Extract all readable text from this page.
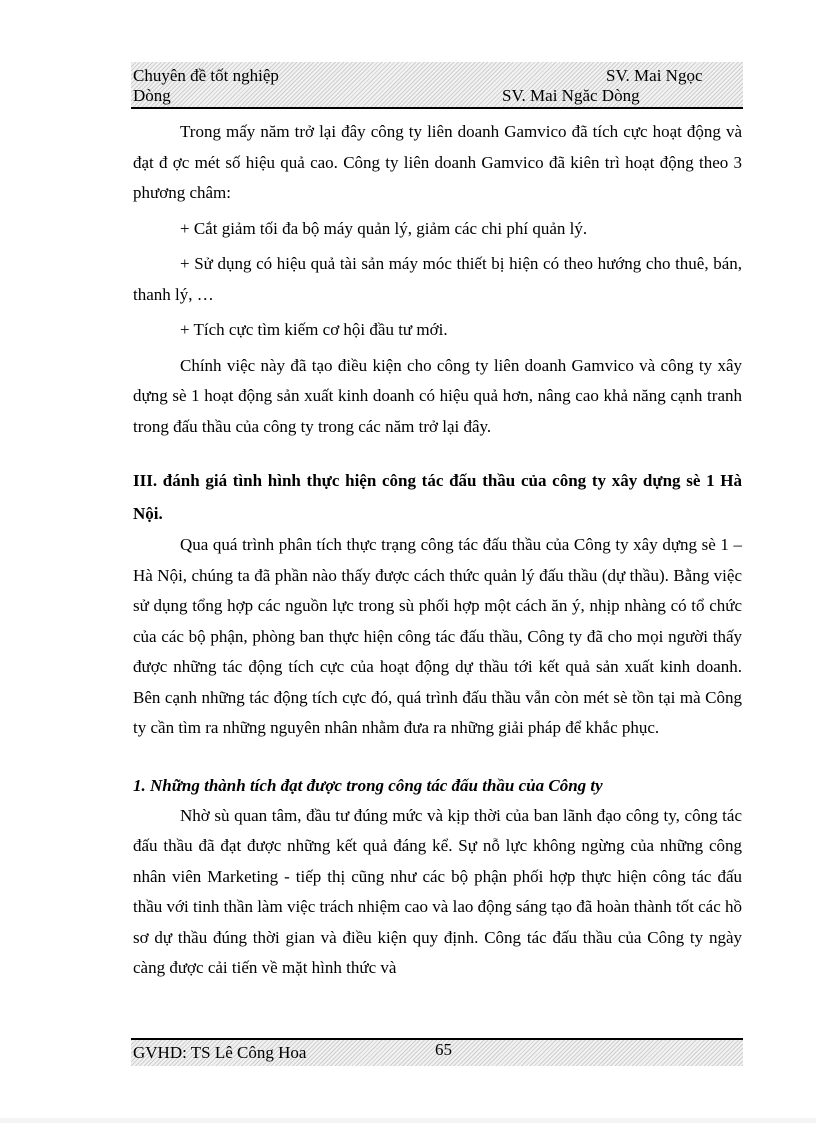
Chuyên đề tốt nghiệp	SV. Mai Ngọc
Dòng	SV. Mai Ngăc Dòng

Trong mấy năm trở lại đây công ty liên doanh Gamvico đã tích cực hoạt động và đạt đ ợc mét số hiệu quả cao. Công ty liên doanh Gamvico đã kiên trì hoạt động theo 3 phương châm:

+ Cắt giảm tối đa bộ máy quản lý, giảm các chi phí quản lý.

+ Sử dụng có hiệu quả tài sản máy móc thiết bị hiện có theo hướng cho thuê, bán, thanh lý, …

+ Tích cực tìm kiếm cơ hội đầu tư mới.

Chính việc này đã tạo điều kiện cho công ty liên doanh Gamvico và công ty xây dựng sè 1 hoạt động sản xuất kinh doanh có hiệu quả hơn, nâng cao khả năng cạnh tranh trong đấu thầu của công ty trong các năm trở lại đây.

III. đánh giá tình hình thực hiện công tác đấu thầu của công ty xây dựng sè 1 Hà Nội.

Qua quá trình phân tích thực trạng công tác đấu thầu của Công ty xây dựng sè 1 – Hà Nội, chúng ta đã phần nào thấy được cách thức quản lý đấu thầu (dự thầu). Bằng việc sử dụng tổng hợp các nguồn lực trong sù phối hợp một cách ăn ý, nhịp nhàng có tổ chức của các bộ phận, phòng ban thực hiện công tác đấu thầu, Công ty đã cho mọi người thấy được những tác động tích cực của hoạt động dự thầu tới kết quả sản xuất kinh doanh. Bên cạnh những tác động tích cực đó, quá trình đấu thầu vẫn còn mét sè tồn tại mà Công ty cần tìm ra những nguyên nhân nhằm đưa ra những giải pháp để khắc phục.

1. Những thành tích đạt được trong công tác đấu thầu của Công ty

Nhờ sù quan tâm, đầu tư đúng mức và kịp thời của ban lãnh đạo công ty, công tác đấu thầu đã đạt được những kết quả đáng kể. Sự nỗ lực không ngừng của những công nhân viên Marketing - tiếp thị cũng như các bộ phận phối hợp thực hiện công tác đấu thầu với tinh thần làm việc trách nhiệm cao và lao động sáng tạo đã hoàn thành tốt các hồ sơ dự thầu đúng thời gian và điều kiện quy định. Công tác đấu thầu của Công ty ngày càng được cải tiến về mặt hình thức và

GVHD: TS Lê Công Hoa	65
